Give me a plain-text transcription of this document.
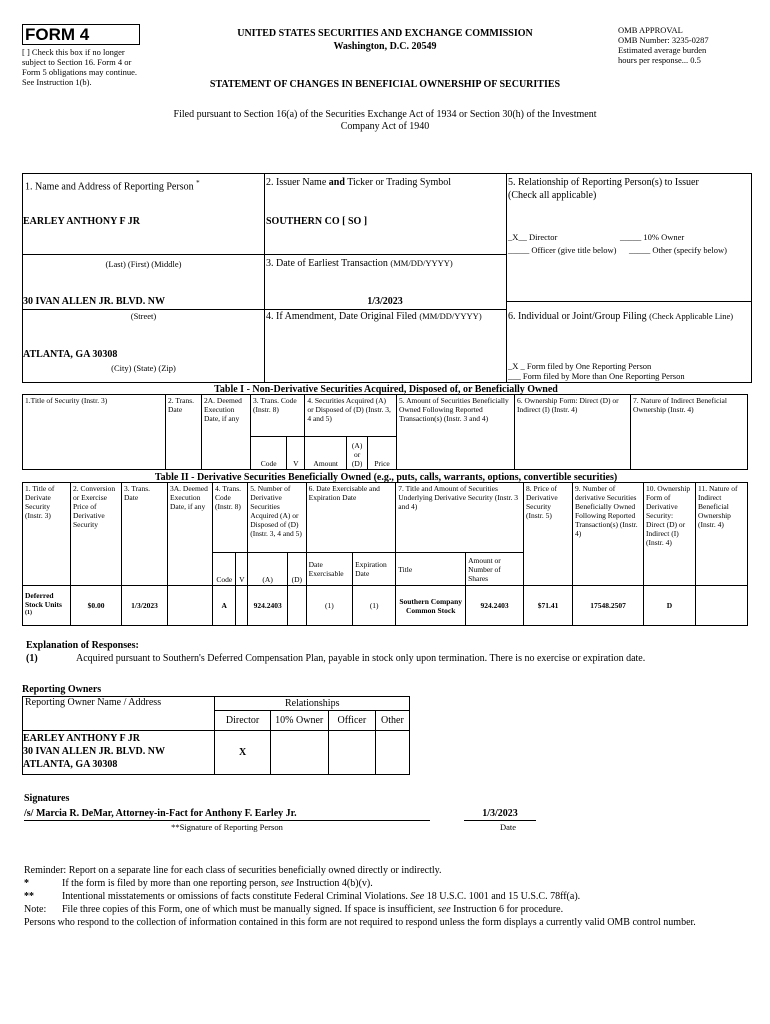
FORM 4
[ ] Check this box if no longer subject to Section 16. Form 4 or Form 5 obligations may continue. See Instruction 1(b).
UNITED STATES SECURITIES AND EXCHANGE COMMISSION
Washington, D.C. 20549
STATEMENT OF CHANGES IN BENEFICIAL OWNERSHIP OF SECURITIES
OMB APPROVAL
OMB Number: 3235-0287
Estimated average burden
hours per response... 0.5
Filed pursuant to Section 16(a) of the Securities Exchange Act of 1934 or Section 30(h) of the Investment Company Act of 1940
1. Name and Address of Reporting Person *
EARLEY ANTHONY F JR
(Last) (First) (Middle)
30 IVAN ALLEN JR. BLVD. NW
(Street)
ATLANTA, GA 30308
(City) (State) (Zip)
2. Issuer Name and Ticker or Trading Symbol
SOUTHERN CO [ SO ]
3. Date of Earliest Transaction (MM/DD/YYYY)
1/3/2023
4. If Amendment, Date Original Filed (MM/DD/YYYY)
5. Relationship of Reporting Person(s) to Issuer
(Check all applicable)
_X__ Director	_____ 10% Owner
_____ Officer (give title below) _____ Other (specify below)
6. Individual or Joint/Group Filing (Check Applicable Line)
_X _ Form filed by One Reporting Person
___ Form filed by More than One Reporting Person
Table I - Non-Derivative Securities Acquired, Disposed of, or Beneficially Owned
1.Title of Security (Instr. 3)	2. Trans. Date	2A. Deemed Execution Date, if any	3. Trans. Code (Instr. 8)		4. Securities Acquired (A) or Disposed of (D) (Instr. 3, 4 and 5)			5. Amount of Securities Beneficially Owned Following Reported Transaction(s) (Instr. 3 and 4)	6. Ownership Form: Direct (D) or Indirect (I) (Instr. 4)	7. Nature of Indirect Beneficial Ownership (Instr. 4)
			Code	V	Amount	(A) or (D)	Price			
Table II - Derivative Securities Beneficially Owned (e.g., puts, calls, warrants, options, convertible securities)
1. Title of Derivate Security (Instr. 3)	2. Conversion or Exercise Price of Derivative Security	3. Trans. Date	3A. Deemed Execution Date, if any	4. Trans. Code (Instr. 8)		5. Number of Derivative Securities Acquired (A) or Disposed of (D) (Instr. 3, 4 and 5)		6. Date Exercisable and Expiration Date		7. Title and Amount of Securities Underlying Derivative Security (Instr. 3 and 4)		8. Price of Derivative Security (Instr. 5)	9. Number of derivative Securities Beneficially Owned Following Reported Transaction(s) (Instr. 4)	10. Ownership Form of Derivative Security: Direct (D) or Indirect (I) (Instr. 4)	11. Nature of Indirect Beneficial Ownership (Instr. 4)
				Code	V	(A)	(D)	Date Exercisable	Expiration Date	Title	Amount or Number of Shares				
Deferred Stock Units $^{(1)}$	$0.00	1/3/2023		A		924.2403		(1)	(1)	Southern Company Common Stock	924.2403	$71.41	17548.2507	D	
Explanation of Responses:
(1)	Acquired pursuant to Southern's Deferred Compensation Plan, payable in stock only upon termination. There is no exercise or expiration date.
Reporting Owners
Reporting Owner Name / Address	Relationships			
	Director	10% Owner	Officer	Other

EARLEY ANTHONY F JR
30 IVAN ALLEN JR. BLVD. NW
ATLANTA, GA 30308	X			
Signatures
/s/ Marcia R. DeMar, Attorney-in-Fact for Anthony F. Earley Jr.
**Signature of Reporting Person
1/3/2023
Date
Reminder: Report on a separate line for each class of securities beneficially owned directly or indirectly.
*	If the form is filed by more than one reporting person, see Instruction 4(b)(v).
**	Intentional misstatements or omissions of facts constitute Federal Criminal Violations. See 18 U.S.C. 1001 and 15 U.S.C. 78ff(a).
Note: File three copies of this Form, one of which must be manually signed. If space is insufficient, see Instruction 6 for procedure.
Persons who respond to the collection of information contained in this form are not required to respond unless the form displays a currently valid OMB control number.
